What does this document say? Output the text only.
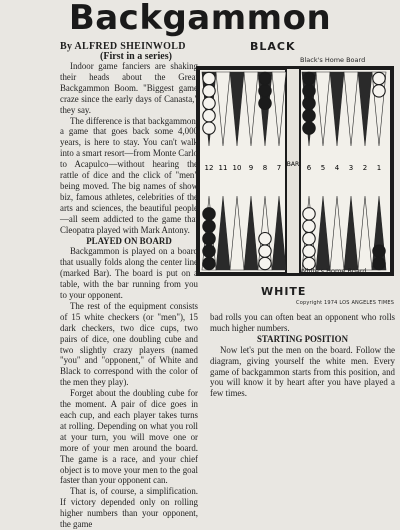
Backgammon
By ALFRED SHEINWOLD
(First in a series)

Indoor game fanciers are shaking their heads about the Great Backgammon Boom. "Biggest game craze since the early days of Canasta," they say.

The difference is that backgammon, a game that goes back some 4,000 years, is here to stay. You can't walk into a smart resort—from Monte Carlo to Acapulco—without hearing the rattle of dice and the click of "men" being moved. The big names of show biz, famous athletes, celebrities of the arts and sciences, the beautiful people—all seem addicted to the game that Cleopatra played with Mark Antony.

PLAYED ON BOARD

Backgammon is played on a board that usually folds along the center line (marked Bar). The board is put on a table, with the bar running from you to your opponent.

The rest of the equipment consists of 15 white checkers (or "men"), 15 dark checkers, two dice cups, two pairs of dice, one doubling cube and two slightly crazy players (named "you" and "opponent," of White and Black to correspond with the color of the men they play).

Forget about the doubling cube for the moment. A pair of dice goes in each cup, and each player takes turns at rolling. Depending on what you roll at your turn, you will move one or more of your men around the board. The game is a race, and your chief object is to move your men to the goal faster than your opponent can.

That is, of course, a simplification. If victory depended only on rolling higher numbers than your opponent, the game

BLACK
Black's Home Board
BAR
12 11 10 9 8 7	6 5 4 3 2 1
White's Home Board
WHITE
Copyright 1974 LOS ANGELES TIMES

bad rolls you can often beat an opponent who rolls much higher numbers.

STARTING POSITION

Now let's put the men on the board. Follow the diagram, giving yourself the white men. Every game of backgammon starts from this position, and you will know it by heart after you have played a few times.
